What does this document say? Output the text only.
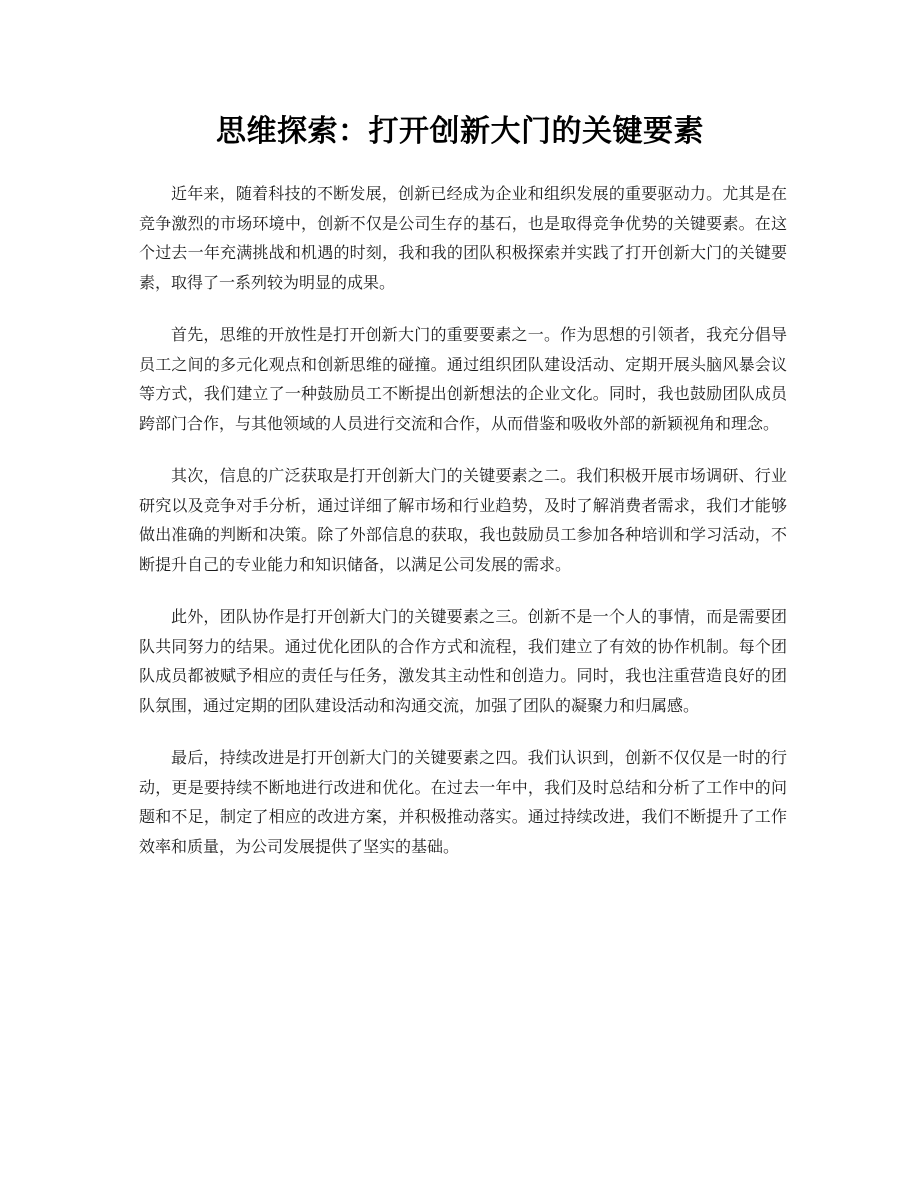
思维探索：打开创新大门的关键要素

近年来，随着科技的不断发展，创新已经成为企业和组织发展的重要驱动力。尤其是在竞争激烈的市场环境中，创新不仅是公司生存的基石，也是取得竞争优势的关键要素。在这个过去一年充满挑战和机遇的时刻，我和我的团队积极探索并实践了打开创新大门的关键要素，取得了一系列较为明显的成果。

首先，思维的开放性是打开创新大门的重要要素之一。作为思想的引领者，我充分倡导员工之间的多元化观点和创新思维的碰撞。通过组织团队建设活动、定期开展头脑风暴会议等方式，我们建立了一种鼓励员工不断提出创新想法的企业文化。同时，我也鼓励团队成员跨部门合作，与其他领域的人员进行交流和合作，从而借鉴和吸收外部的新颖视角和理念。

其次，信息的广泛获取是打开创新大门的关键要素之二。我们积极开展市场调研、行业研究以及竞争对手分析，通过详细了解市场和行业趋势，及时了解消费者需求，我们才能够做出准确的判断和决策。除了外部信息的获取，我也鼓励员工参加各种培训和学习活动，不断提升自己的专业能力和知识储备，以满足公司发展的需求。

此外，团队协作是打开创新大门的关键要素之三。创新不是一个人的事情，而是需要团队共同努力的结果。通过优化团队的合作方式和流程，我们建立了有效的协作机制。每个团队成员都被赋予相应的责任与任务，激发其主动性和创造力。同时，我也注重营造良好的团队氛围，通过定期的团队建设活动和沟通交流，加强了团队的凝聚力和归属感。

最后，持续改进是打开创新大门的关键要素之四。我们认识到，创新不仅仅是一时的行动，更是要持续不断地进行改进和优化。在过去一年中，我们及时总结和分析了工作中的问题和不足，制定了相应的改进方案，并积极推动落实。通过持续改进，我们不断提升了工作效率和质量，为公司发展提供了坚实的基础。
